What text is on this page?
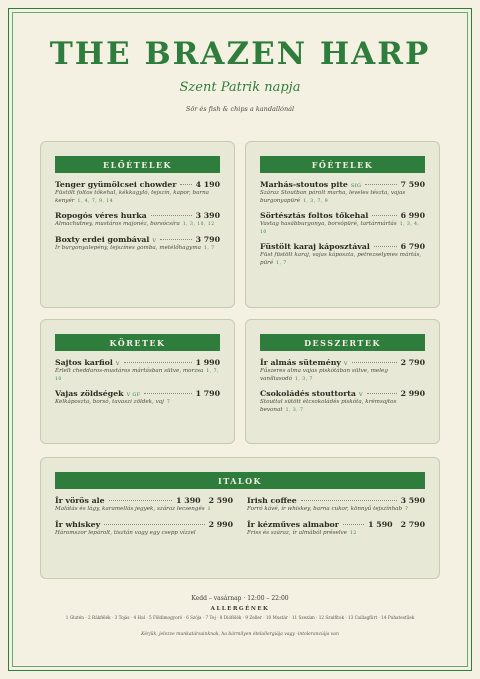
THE BRAZEN HARP
Szent Patrik napja
Sör és fish & chips a kandallónál
ELŐÉTELEK
Tenger gyümölcsei chowder 4 190
Füstölt foltos tőkehal, kékkagyló, tejszín, kapor, barna kenyér 1, 4, 7, 9, 14
Ropogós véres hurka	3 390
Almachutney, mustáros majonéz, borsócsíra 1, 3, 10, 12
Boxty erdei gombával V	3 790
Ír burgonyalepény, tejszínes gomba, metélőhagyma 1, 7
FŐÉTELEK
Marhás-stoutos pite SIG	7 590
Száraz Stoutban párolt marha, leveles tészta, vajas burgonyapüré 1, 3, 7, 9
Sörtésztás foltos tőkehal	6 990
Vastag hasábburgonya, borsópüré, tartármártás 1, 3, 4, 10
Füstölt karaj káposztával	6 790
Füst füstölt karaj, vajas káposzta, petrezselymes mártás, püré 1, 7
KÖRETEK
Sajtos karfiol V	1 990
Érlelt cheddaros-mustáros mártásban sütve, morzsa 1, 7, 10
Vajas zöldségek V GF	1 790
Kelkáposzta, borsó, tavaszi zöldek, vaj 7
DESSZERTEK
Ír almás sütemény V	2 790
Fűszeres alma vajas piskótában sütve, meleg vaníliasodó 1, 3, 7
Csokoládés stouttorta V	2 990
Stouttal sütött étcsokoládés piskóta, krémsajtos bevonat 1, 3, 7
ITALOK
Ír vörös ale	1 390 2 590
Malátás és lágy, karamellás jegyek, száraz lecsengés 1
Ír whiskey	2 990
Háromszor lepárolt, tisztán vagy egy csepp vízzel
Irish coffee	3 590
Forró kávé, ír whiskey, barna cukor, könnyű tejszínhab 7
Ír kézműves almabor	1 590 2 790
Friss és száraz, ír almából préselve 12
Kedd – vasárnap · 12:00 – 22:00
ALLERGÉNEK
1 Glutén · 2 Rákfélék · 3 Tojás · 4 Hal · 5 Földimogyoró · 6 Szója · 7 Tej · 8 Diófélék · 9 Zeller · 10 Mustár · 11 Szezám · 12 Szulfitok · 13 Csillagfürt · 14 Puhatestűek
Kérjük, jelezze munkatársainknak, ha bármilyen ételallergiája vagy -intoleranciája van
